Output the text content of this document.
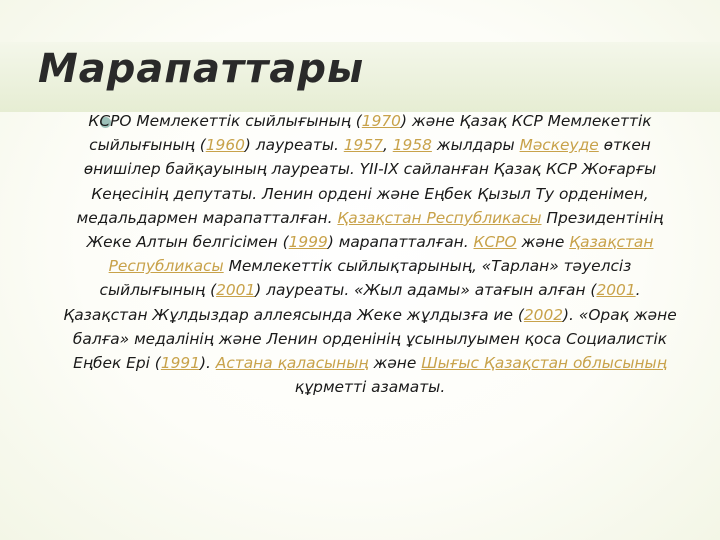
Марапаттары
КСРО Мемлекеттік сыйлығының (1970) және Қазақ КСР Мемлекеттік сыйлығының (1960) лауреаты. 1957, 1958 жылдары Мәскеуде өткен өнишілер байқауының лауреаты. ҮІІ-ІХ сайланған Қазақ КСР Жоғарғы Кеңесінің депутаты. Ленин ордені және Еңбек Қызыл Ту орденімен, медальдармен марапатталған. Қазақстан Республикасы Президентінің Жеке Алтын белгісімен (1999) марапатталған. КСРО және Қазақстан Республикасы Мемлекеттік сыйлықтарының, «Тарлан» тәуелсіз сыйлығының (2001) лауреаты. «Жыл адамы» атағын алған (2001. Қазақстан Жұлдыздар аллеясында Жеке жұлдызға ие (2002). «Орақ және балға» медалінің және Ленин орденінің ұсынылуымен қоса Социалистік Еңбек Ері (1991). Астана қаласының және Шығыс Қазақстан облысының құрметті азаматы.
